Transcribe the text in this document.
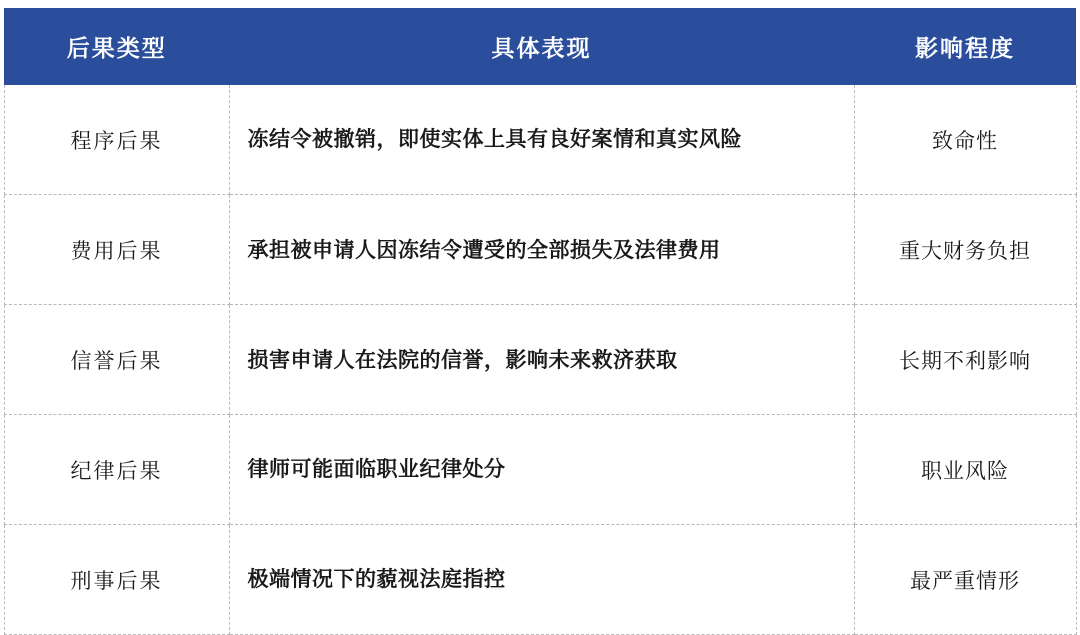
后果类型	具体表现	影响程度
程序后果	冻结令被撤销，即使实体上具有良好案情和真实风险	致命性
费用后果	承担被申请人因冻结令遭受的全部损失及法律费用	重大财务负担
信誉后果	损害申请人在法院的信誉，影响未来救济获取	长期不利影响
纪律后果	律师可能面临职业纪律处分	职业风险
刑事后果	极端情况下的藐视法庭指控	最严重情形
